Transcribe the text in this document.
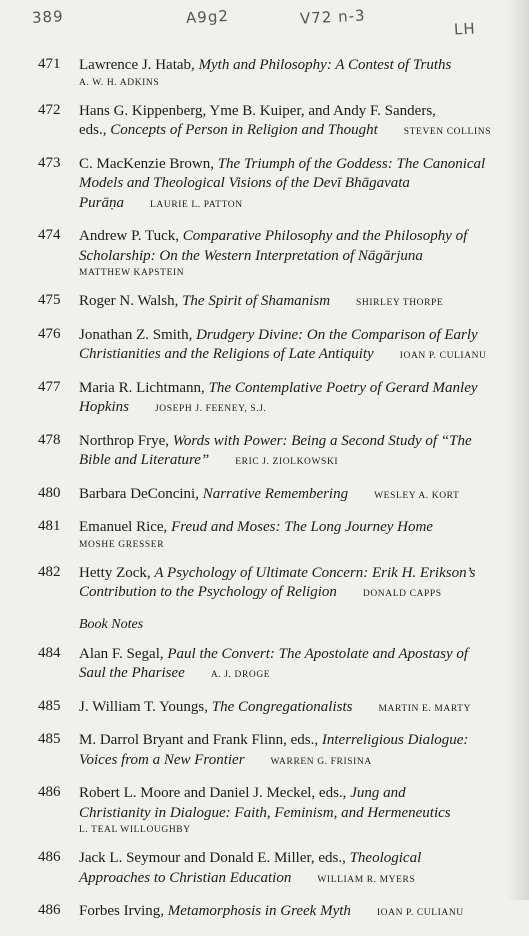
389	A9g2	V72 n-3
LH
471 Lawrence J. Hatab, Myth and Philosophy: A Contest of Truths
A. W. H. ADKINS
472 Hans G. Kippenberg, Yme B. Kuiper, and Andy F. Sanders,
eds., Concepts of Person in Religion and Thought	STEVEN COLLINS
473 C. MacKenzie Brown, The Triumph of the Goddess: The Canonical
Models and Theological Visions of the Devī Bhāgavata
Purāṇa	LAURIE L. PATTON
474 Andrew P. Tuck, Comparative Philosophy and the Philosophy of
Scholarship: On the Western Interpretation of Nāgārjuna
MATTHEW KAPSTEIN
475 Roger N. Walsh, The Spirit of Shamanism	SHIRLEY THORPE
476 Jonathan Z. Smith, Drudgery Divine: On the Comparison of Early
Christianities and the Religions of Late Antiquity	IOAN P. CULIANU
477 Maria R. Lichtmann, The Contemplative Poetry of Gerard Manley
Hopkins	JOSEPH J. FEENEY, S.J.
478 Northrop Frye, Words with Power: Being a Second Study of “The
Bible and Literature”	ERIC J. ZIOLKOWSKI
480 Barbara DeConcini, Narrative Remembering	WESLEY A. KORT
481 Emanuel Rice, Freud and Moses: The Long Journey Home
MOSHE GRESSER
482 Hetty Zock, A Psychology of Ultimate Concern: Erik H. Erikson’s
Contribution to the Psychology of Religion	DONALD CAPPS
Book Notes
484 Alan F. Segal, Paul the Convert: The Apostolate and Apostasy of
Saul the Pharisee	A. J. DROGE
485 J. William T. Youngs, The Congregationalists	MARTIN E. MARTY
485 M. Darrol Bryant and Frank Flinn, eds., Interreligious Dialogue:
Voices from a New Frontier	WARREN G. FRISINA
486 Robert L. Moore and Daniel J. Meckel, eds., Jung and
Christianity in Dialogue: Faith, Feminism, and Hermeneutics
L. TEAL WILLOUGHBY
486 Jack L. Seymour and Donald E. Miller, eds., Theological
Approaches to Christian Education	WILLIAM R. MYERS
486 Forbes Irving, Metamorphosis in Greek Myth	IOAN P. CULIANU
